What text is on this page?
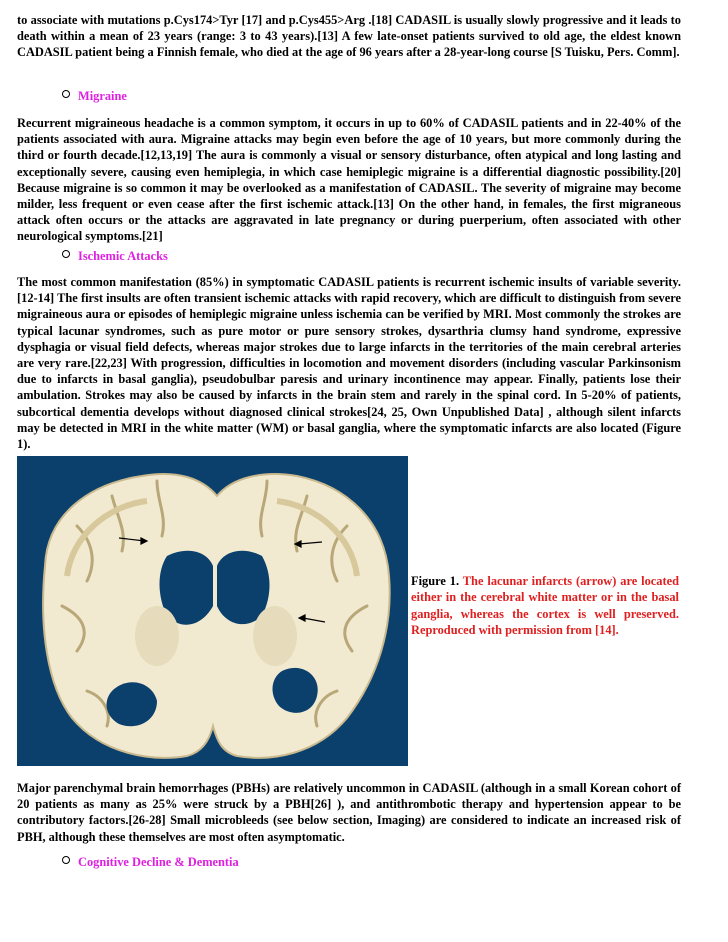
to associate with mutations p.Cys174>Tyr [17] and p.Cys455>Arg .[18] CADASIL is usually slowly progressive and it leads to death within a mean of 23 years (range: 3 to 43 years).[13] A few late-onset patients survived to old age, the eldest known CADASIL patient being a Finnish female, who died at the age of 96 years after a 28-year-long course [S Tuisku, Pers. Comm].

Migraine

Recurrent migraineous headache is a common symptom, it occurs in up to 60% of CADASIL patients and in 22-40% of the patients associated with aura. Migraine attacks may begin even before the age of 10 years, but more commonly during the third or fourth decade.[12,13,19] The aura is commonly a visual or sensory disturbance, often atypical and long lasting and exceptionally severe, causing even hemiplegia, in which case hemiplegic migraine is a differential diagnostic possibility.[20] Because migraine is so common it may be overlooked as a manifestation of CADASIL. The severity of migraine may become milder, less frequent or even cease after the first ischemic attack.[13] On the other hand, in females, the first migraneous attack often occurs or the attacks are aggravated in late pregnancy or during puerperium, often associated with other neurological symptoms.[21]

Ischemic Attacks

The most common manifestation (85%) in symptomatic CADASIL patients is recurrent ischemic insults of variable severity.[12-14] The first insults are often transient ischemic attacks with rapid recovery, which are difficult to distinguish from severe migraineous aura or episodes of hemiplegic migraine unless ischemia can be verified by MRI. Most commonly the strokes are typical lacunar syndromes, such as pure motor or pure sensory strokes, dysarthria clumsy hand syndrome, expressive dysphagia or visual field defects, whereas major strokes due to large infarcts in the territories of the main cerebral arteries are very rare.[22,23] With progression, difficulties in locomotion and movement disorders (including vascular Parkinsonism due to infarcts in basal ganglia), pseudobulbar paresis and urinary incontinence may appear. Finally, patients lose their ambulation. Strokes may also be caused by infarcts in the brain stem and rarely in the spinal cord. In 5-20% of patients, subcortical dementia develops without diagnosed clinical strokes[24, 25, Own Unpublished Data] , although silent infarcts may be detected in MRI in the white matter (WM) or basal ganglia, where the symptomatic infarcts are also located (Figure 1).

Figure 1. The lacunar infarcts (arrow) are located either in the cerebral white matter or in the basal ganglia, whereas the cortex is well preserved. Reproduced with permission from [14].

Major parenchymal brain hemorrhages (PBHs) are relatively uncommon in CADASIL (although in a small Korean cohort of 20 patients as many as 25% were struck by a PBH[26] ), and antithrombotic therapy and hypertension appear to be contributory factors.[26-28] Small microbleeds (see below section, Imaging) are considered to indicate an increased risk of PBH, although these themselves are most often asymptomatic.

Cognitive Decline & Dementia
